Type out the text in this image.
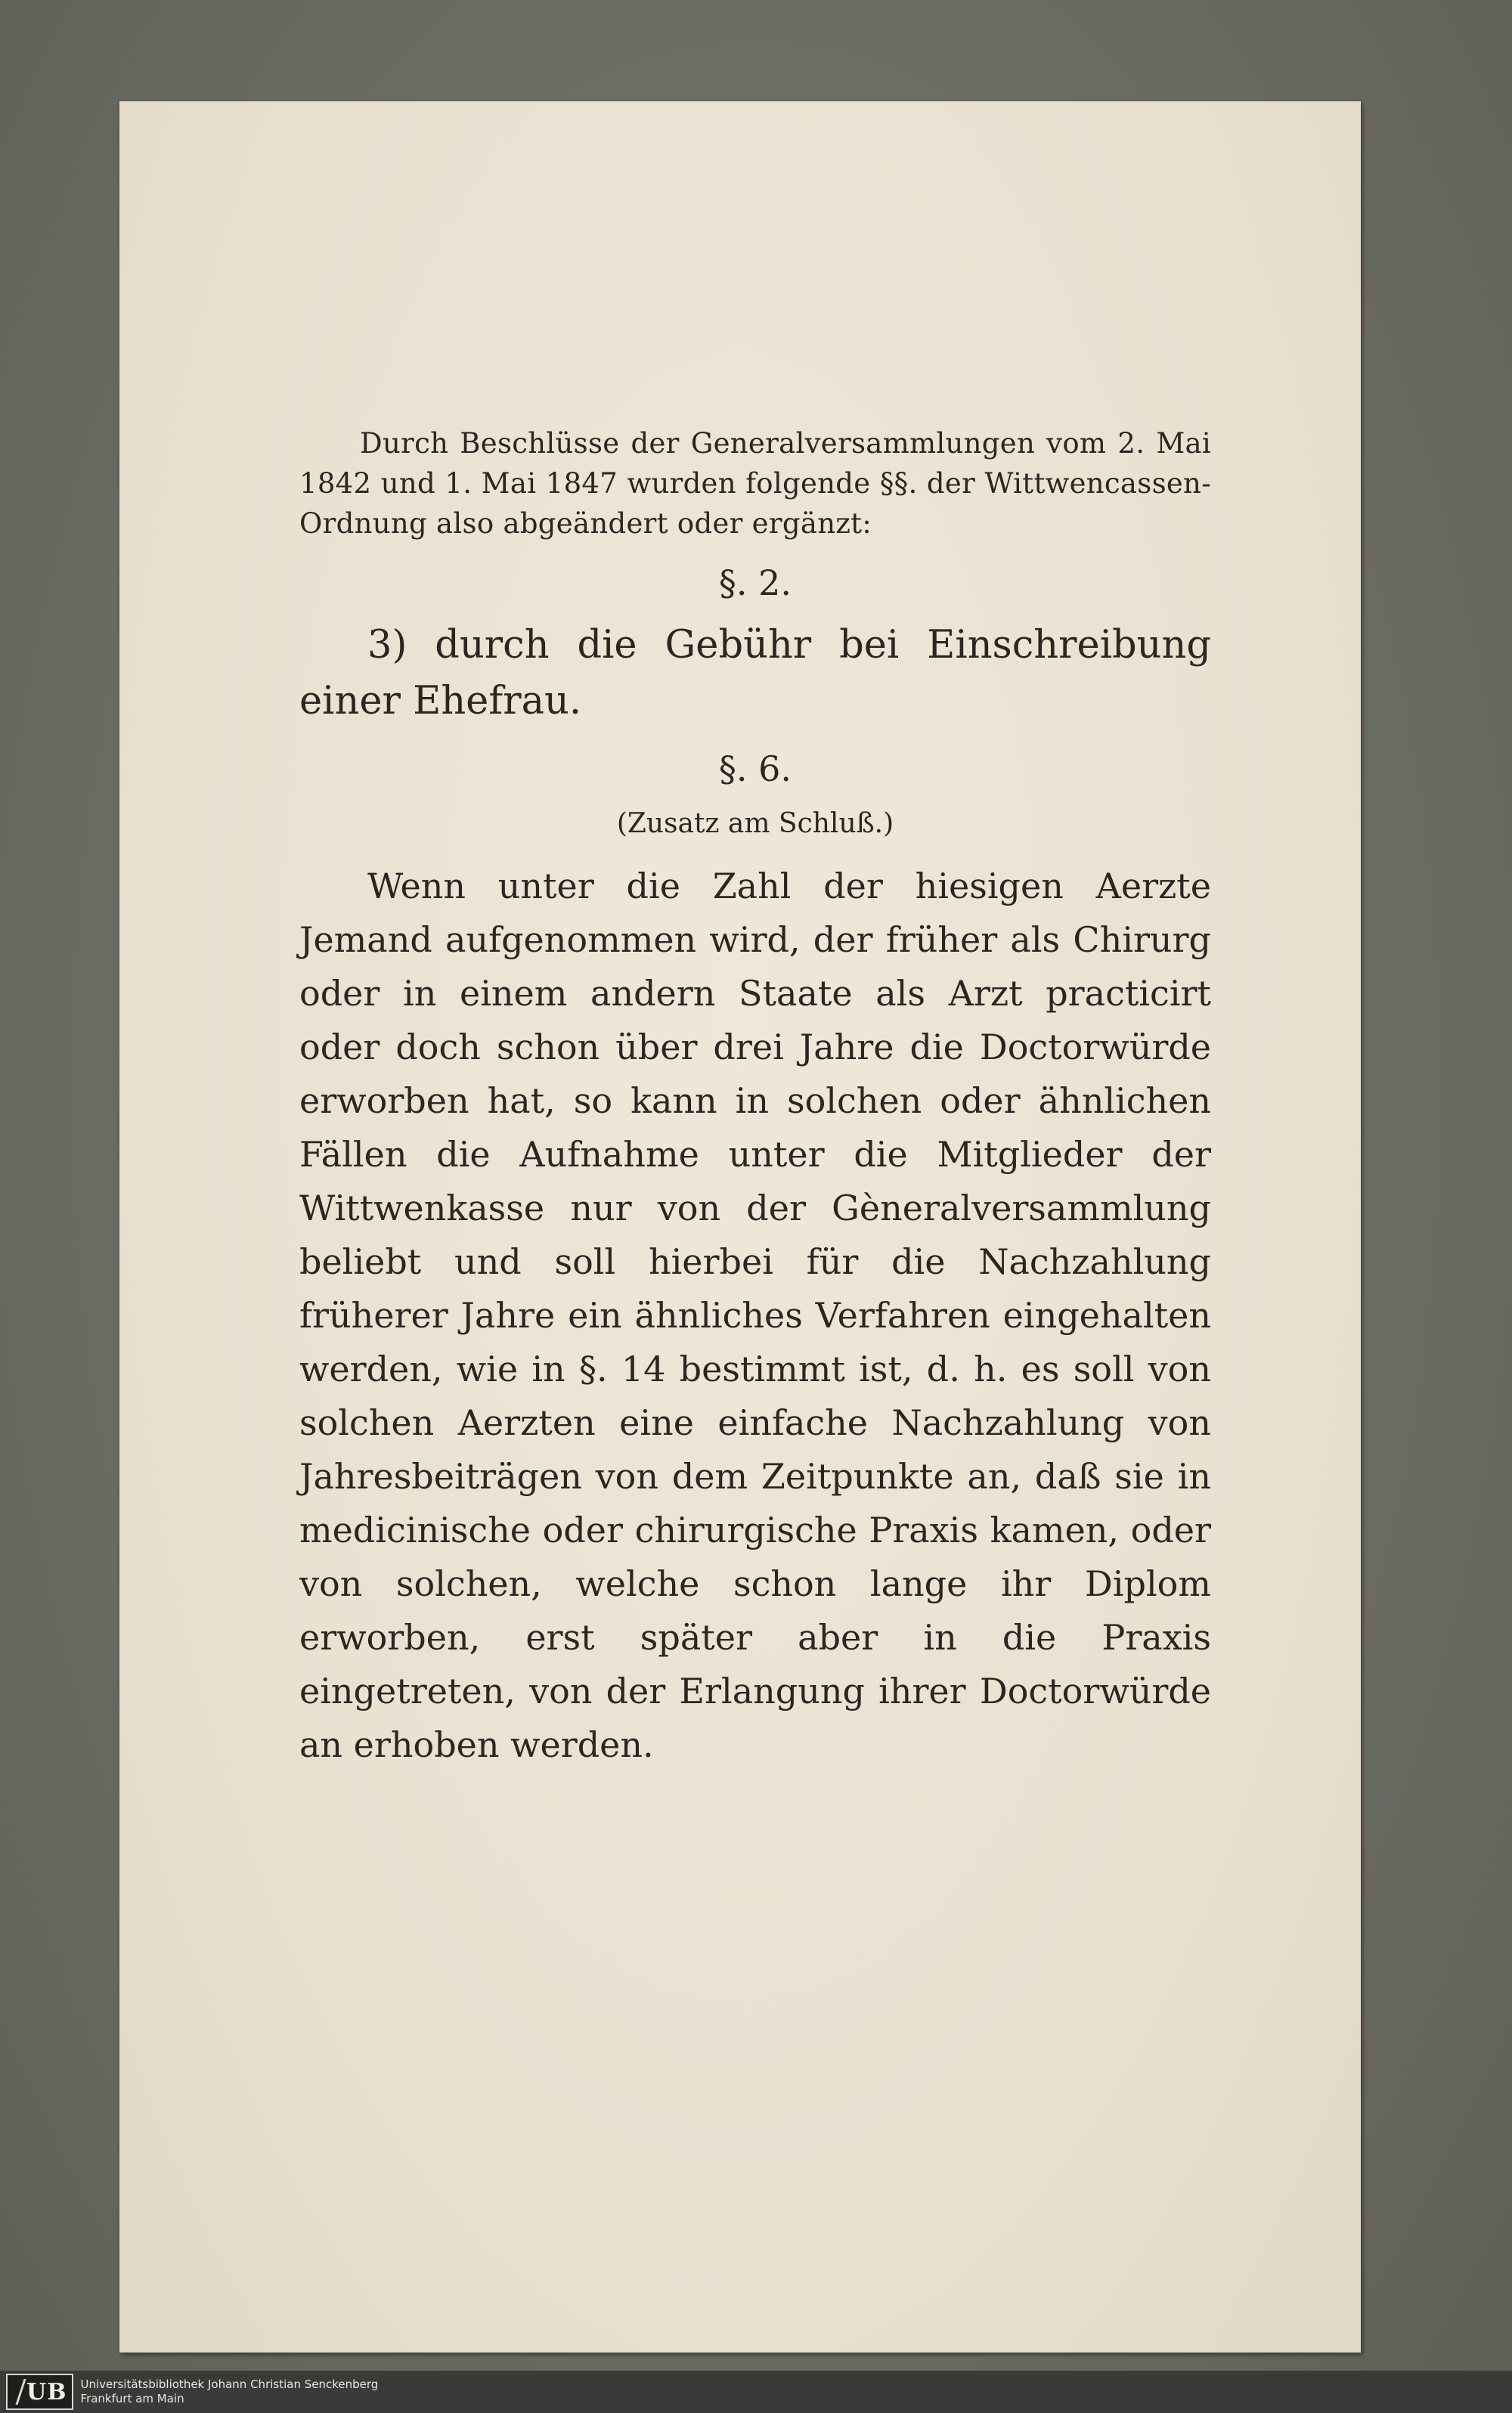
Durch Beschlüsse der Generalversammlungen vom 2. Mai 1842 und 1. Mai 1847 wurden folgende §§. der Wittwencassen-Ordnung also abgeändert oder ergänzt:

§. 2.

3) durch die Gebühr bei Einschreibung einer Ehefrau.

§. 6.
(Zusatz am Schluß.)

Wenn unter die Zahl der hiesigen Aerzte Jemand aufgenommen wird, der früher als Chirurg oder in einem andern Staate als Arzt practicirt oder doch schon über drei Jahre die Doctorwürde erworben hat, so kann in solchen oder ähnlichen Fällen die Aufnahme unter die Mitglieder der Wittwenkasse nur von der Gèneralversammlung beliebt und soll hierbei für die Nachzahlung früherer Jahre ein ähnliches Verfahren eingehalten werden, wie in §. 14 bestimmt ist, d. h. es soll von solchen Aerzten eine einfache Nachzahlung von Jahresbeiträgen von dem Zeitpunkte an, daß sie in medicinische oder chirurgische Praxis kamen, oder von solchen, welche schon lange ihr Diplom erworben, erst später aber in die Praxis eingetreten, von der Erlangung ihrer Doctorwürde an erhoben werden.

UB Universitätsbibliothek Johann Christian Senckenberg
Frankfurt am Main
